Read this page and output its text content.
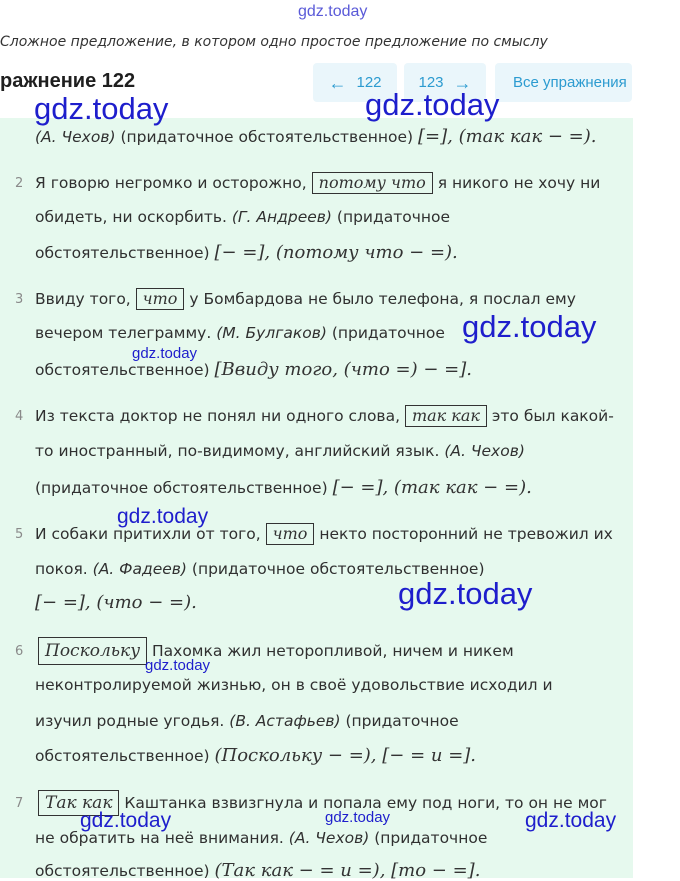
gdz.today
Сложное предложение, в котором одно простое предложение по смыслу
ражнение 122	← 122 123 →	Все упражнения
(А. Чехов) (придаточное обстоятельственное) [=], (так как − =).
2 Я говорю негромко и осторожно, потому что я никого не хочу ни
обидеть, ни оскорбить. (Г. Андреев) (придаточное
обстоятельственное) [− =], (потому что − =).
3 Ввиду того, что у Бомбардова не было телефона, я послал ему
вечером телеграмму. (М. Булгаков) (придаточное
обстоятельственное) [Ввиду того, (что =) − =].
4 Из текста доктор не понял ни одного слова, так как это был какой-
то иностранный, по-видимому, английский язык. (А. Чехов)
(придаточное обстоятельственное) [− =], (так как − =).
5 И собаки притихли от того, что некто посторонний не тревожил их
покоя. (А. Фадеев) (придаточное обстоятельственное)
[− =], (что − =).
6	Поскольку Пахомка жил неторопливой, ничем и никем
неконтролируемой жизнью, он в своё удовольствие исходил и
изучил родные угодья. (В. Астафьев) (придаточное
обстоятельственное) (Поскольку − =), [− = и =].
7	Так как Каштанка взвизгнула и попала ему под ноги, то он не мог
не обратить на неё внимания. (А. Чехов) (придаточное
обстоятельственное) (Так как − = и =), [то − =].
gdz.today	gdz.today
gdz.today
gdz.today
gdz.today
gdz.today
gdz.today
gdz.today	gdz.today	gdz.today
